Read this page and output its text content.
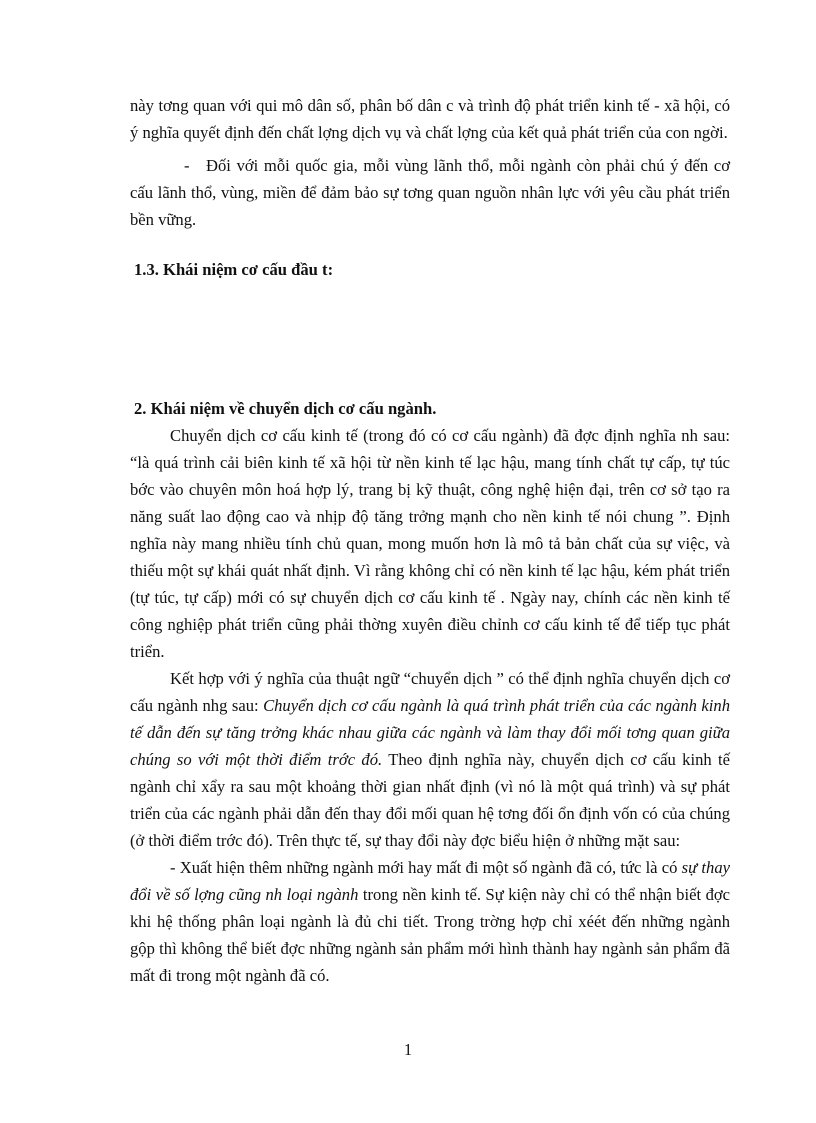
này tơng quan với qui mô dân số, phân bố dân c và trình độ phát triển kinh tế - xã hội, có ý nghĩa quyết định đến chất lợng dịch vụ và chất lợng của kết quả phát triển của con ngời.

- Đối với mỗi quốc gia, mỗi vùng lãnh thổ, mỗi ngành còn phải chú ý đến cơ cấu lãnh thổ, vùng, miền để đảm bảo sự tơng quan nguồn nhân lực với yêu cầu phát triển bền vững.

1.3. Khái niệm cơ cấu đầu t:
2. Khái niệm về chuyển dịch cơ cấu ngành.

Chuyển dịch cơ cấu kinh tế (trong đó có cơ cấu ngành) đã đợc định nghĩa nh sau: “là quá trình cải biên kinh tế xã hội từ nền kinh tế lạc hậu, mang tính chất tự cấp, tự túc bớc vào chuyên môn hoá hợp lý, trang bị kỹ thuật, công nghệ hiện đại, trên cơ sở tạo ra năng suất lao động cao và nhịp độ tăng trởng mạnh cho nền kinh tế nói chung ”. Định nghĩa này mang nhiều tính chủ quan, mong muốn hơn là mô tả bản chất của sự việc, và thiếu một sự khái quát nhất định. Vì rằng không chỉ có nền kinh tế lạc hậu, kém phát triển (tự túc, tự cấp) mới có sự chuyển dịch cơ cấu kinh tế . Ngày nay, chính các nền kinh tế công nghiệp phát triển cũng phải thờng xuyên điều chỉnh cơ cấu kinh tế để tiếp tục phát triển.

Kết hợp với ý nghĩa của thuật ngữ “chuyển dịch ” có thể định nghĩa chuyển dịch cơ cấu ngành nhg sau: Chuyển dịch cơ cấu ngành là quá trình phát triển của các ngành kinh tế dẫn đến sự tăng trởng khác nhau giữa các ngành và làm thay đổi mối tơng quan giữa chúng so với một thời điểm trớc đó. Theo định nghĩa này, chuyển dịch cơ cấu kinh tế ngành chỉ xẩy ra sau một khoảng thời gian nhất định (vì nó là một quá trình) và sự phát triển của các ngành phải dẫn đến thay đổi mối quan hệ tơng đối ổn định vốn có của chúng (ở thời điểm trớc đó). Trên thực tế, sự thay đổi này đợc biểu hiện ở những mặt sau:

- Xuất hiện thêm những ngành mới hay mất đi một số ngành đã có, tức là có sự thay đổi về số lợng cũng nh loại ngành trong nền kinh tế. Sự kiện này chỉ có thể nhận biết đợc khi hệ thống phân loại ngành là đủ chi tiết. Trong trờng hợp chỉ xéét đến những ngành gộp thì không thể biết đợc những ngành sản phẩm mới hình thành hay ngành sản phẩm đã mất đi trong một ngành đã có.

1
